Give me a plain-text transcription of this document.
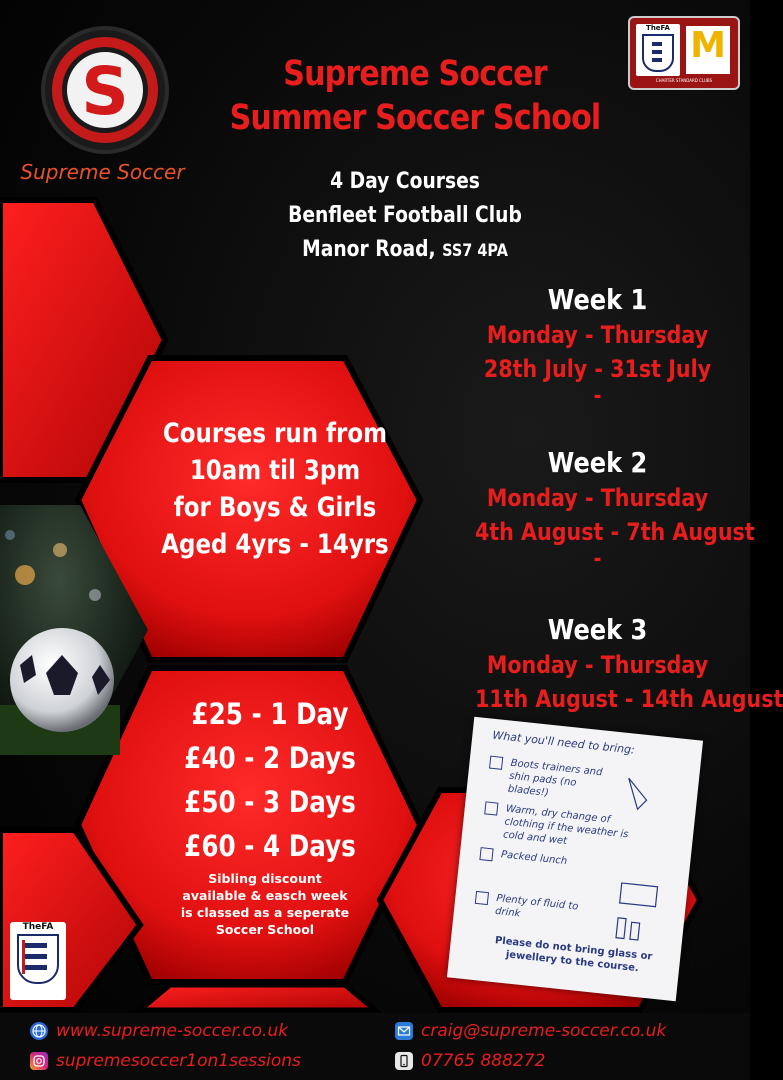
S
Supreme Soccer
TheFA M
CHARTER STANDARD CLUBS
Supreme Soccer
Summer Soccer School
4 Day Courses
Benfleet Football Club
Manor Road, SS7 4PA
Week 1
Monday - Thursday
28th July - 31st July
-
Week 2
Monday - Thursday
4th August - 7th August
-
Week 3
Monday - Thursday
11th August - 14th August
Courses run from
10am til 3pm
for Boys & Girls
Aged 4yrs - 14yrs
£25 - 1 Day
£40 - 2 Days
£50 - 3 Days
£60 - 4 Days
Sibling discount
available & easch week
is classed as a seperate
Soccer School
What you'll need to bring:
Boots trainers and shin pads (no blades!)
Warm, dry change of clothing if the weather is cold and wet
Packed lunch
Plenty of fluid to drink
Please do not bring glass or jewellery to the course.
TheFA
www.supreme-soccer.co.uk
supremesoccer1on1sessions
craig@supreme-soccer.co.uk
07765 888272
